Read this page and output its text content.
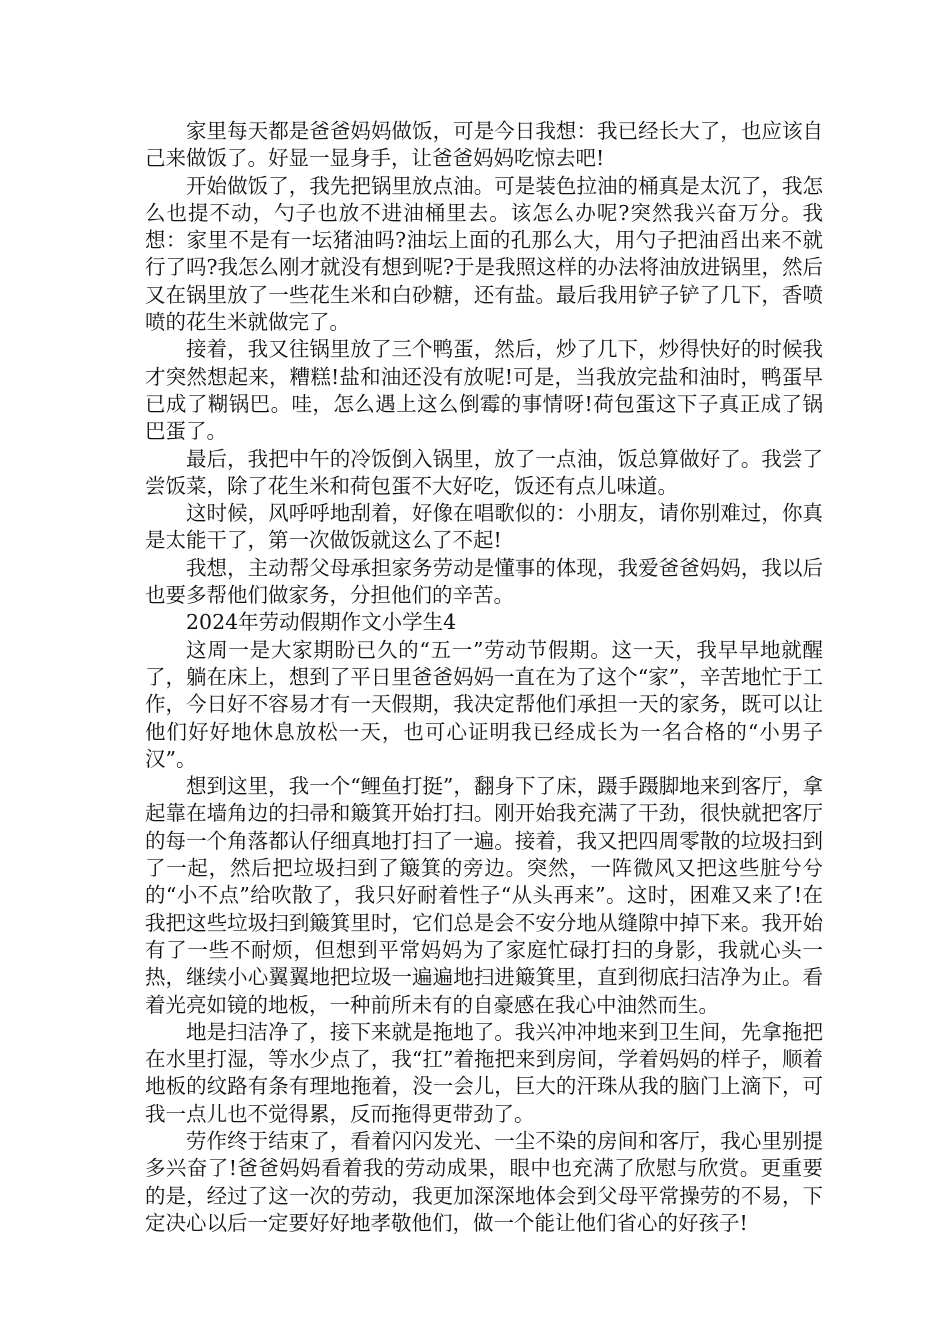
家里每天都是爸爸妈妈做饭，可是今日我想：我已经长大了，也应该自己来做饭了。好显一显身手，让爸爸妈妈吃惊去吧!

开始做饭了，我先把锅里放点油。可是装色拉油的桶真是太沉了，我怎么也提不动，勺子也放不进油桶里去。该怎么办呢?突然我兴奋万分。我想：家里不是有一坛猪油吗?油坛上面的孔那么大，用勺子把油舀出来不就行了吗?我怎么刚才就没有想到呢?于是我照这样的办法将油放进锅里，然后又在锅里放了一些花生米和白砂糖，还有盐。最后我用铲子铲了几下，香喷喷的花生米就做完了。

接着，我又往锅里放了三个鸭蛋，然后，炒了几下，炒得快好的时候我才突然想起来，糟糕!盐和油还没有放呢!可是，当我放完盐和油时，鸭蛋早已成了糊锅巴。哇，怎么遇上这么倒霉的事情呀!荷包蛋这下子真正成了锅巴蛋了。

最后，我把中午的冷饭倒入锅里，放了一点油，饭总算做好了。我尝了尝饭菜，除了花生米和荷包蛋不大好吃，饭还有点儿味道。

这时候，风呼呼地刮着，好像在唱歌似的：小朋友，请你别难过，你真是太能干了，第一次做饭就这么了不起!

我想，主动帮父母承担家务劳动是懂事的体现，我爱爸爸妈妈，我以后也要多帮他们做家务，分担他们的辛苦。

2024年劳动假期作文小学生4

这周一是大家期盼已久的“五一”劳动节假期。这一天，我早早地就醒了，躺在床上，想到了平日里爸爸妈妈一直在为了这个“家”，辛苦地忙于工作，今日好不容易才有一天假期，我决定帮他们承担一天的家务，既可以让他们好好地休息放松一天，也可心证明我已经成长为一名合格的“小男子汉”。

想到这里，我一个“鲤鱼打挺”，翻身下了床，蹑手蹑脚地来到客厅，拿起靠在墙角边的扫帚和簸箕开始打扫。刚开始我充满了干劲，很快就把客厅的每一个角落都认仔细真地打扫了一遍。接着，我又把四周零散的垃圾扫到了一起，然后把垃圾扫到了簸箕的旁边。突然，一阵微风又把这些脏兮兮的“小不点”给吹散了，我只好耐着性子“从头再来”。这时，困难又来了!在我把这些垃圾扫到簸箕里时，它们总是会不安分地从缝隙中掉下来。我开始有了一些不耐烦，但想到平常妈妈为了家庭忙碌打扫的身影，我就心头一热，继续小心翼翼地把垃圾一遍遍地扫进簸箕里，直到彻底扫洁净为止。看着光亮如镜的地板，一种前所未有的自豪感在我心中油然而生。

地是扫洁净了，接下来就是拖地了。我兴冲冲地来到卫生间，先拿拖把在水里打湿，等水少点了，我“扛”着拖把来到房间，学着妈妈的样子，顺着地板的纹路有条有理地拖着，没一会儿，巨大的汗珠从我的脑门上滴下，可我一点儿也不觉得累，反而拖得更带劲了。

劳作终于结束了，看着闪闪发光、一尘不染的房间和客厅，我心里别提多兴奋了!爸爸妈妈看着我的劳动成果，眼中也充满了欣慰与欣赏。更重要的是，经过了这一次的劳动，我更加深深地体会到父母平常操劳的不易，下定决心以后一定要好好地孝敬他们，做一个能让他们省心的好孩子!
